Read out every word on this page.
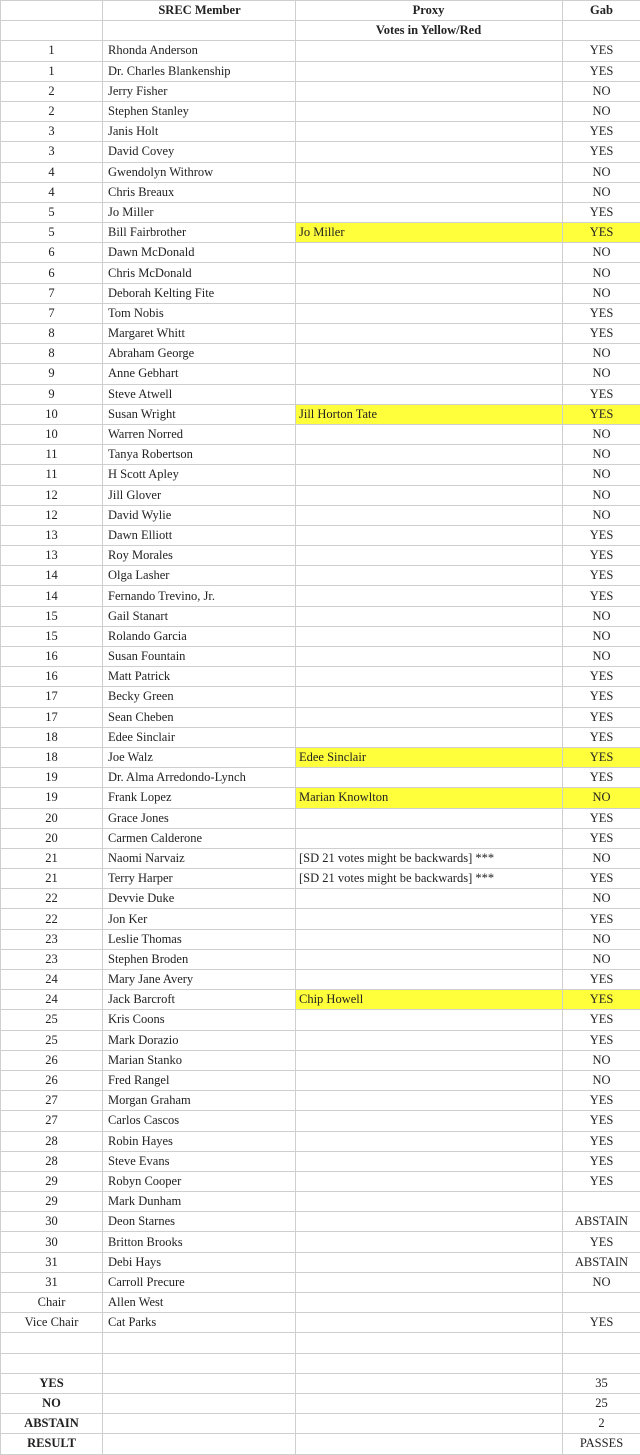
	SREC Member	Proxy	Gab
		Votes in Yellow/Red	
1	Rhonda Anderson		YES
1	Dr. Charles Blankenship		YES
2	Jerry Fisher		NO
2	Stephen Stanley		NO
3	Janis Holt		YES
3	David Covey		YES
4	Gwendolyn Withrow		NO
4	Chris Breaux		NO
5	Jo Miller		YES
5	Bill Fairbrother	Jo Miller	YES
6	Dawn McDonald		NO
6	Chris McDonald		NO
7	Deborah Kelting Fite		NO
7	Tom Nobis		YES
8	Margaret Whitt		YES
8	Abraham George		NO
9	Anne Gebhart		NO
9	Steve Atwell		YES
10	Susan Wright	Jill Horton Tate	YES
10	Warren Norred		NO
11	Tanya Robertson		NO
11	H Scott Apley		NO
12	Jill Glover		NO
12	David Wylie		NO
13	Dawn Elliott		YES
13	Roy Morales		YES
14	Olga Lasher		YES
14	Fernando Trevino, Jr.		YES
15	Gail Stanart		NO
15	Rolando Garcia		NO
16	Susan Fountain		NO
16	Matt Patrick		YES
17	Becky Green		YES
17	Sean Cheben		YES
18	Edee Sinclair		YES
18	Joe Walz	Edee Sinclair	YES
19	Dr. Alma Arredondo-Lynch		YES
19	Frank Lopez	Marian Knowlton	NO
20	Grace Jones		YES
20	Carmen Calderone		YES
21	Naomi Narvaiz	[SD 21 votes might be backwards] ***	NO
21	Terry Harper	[SD 21 votes might be backwards] ***	YES
22	Devvie Duke		NO
22	Jon Ker		YES
23	Leslie Thomas		NO
23	Stephen Broden		NO
24	Mary Jane Avery		YES
24	Jack Barcroft	Chip Howell	YES
25	Kris Coons		YES
25	Mark Dorazio		YES
26	Marian Stanko		NO
26	Fred Rangel		NO
27	Morgan Graham		YES
27	Carlos Cascos		YES
28	Robin Hayes		YES
28	Steve Evans		YES
29	Robyn Cooper		YES
29	Mark Dunham		
30	Deon Starnes		ABSTAIN
30	Britton Brooks		YES
31	Debi Hays		ABSTAIN
31	Carroll Precure		NO
Chair	Allen West		
Vice Chair	Cat Parks		YES

YES			35
NO			25
ABSTAIN			2
RESULT			PASSES
